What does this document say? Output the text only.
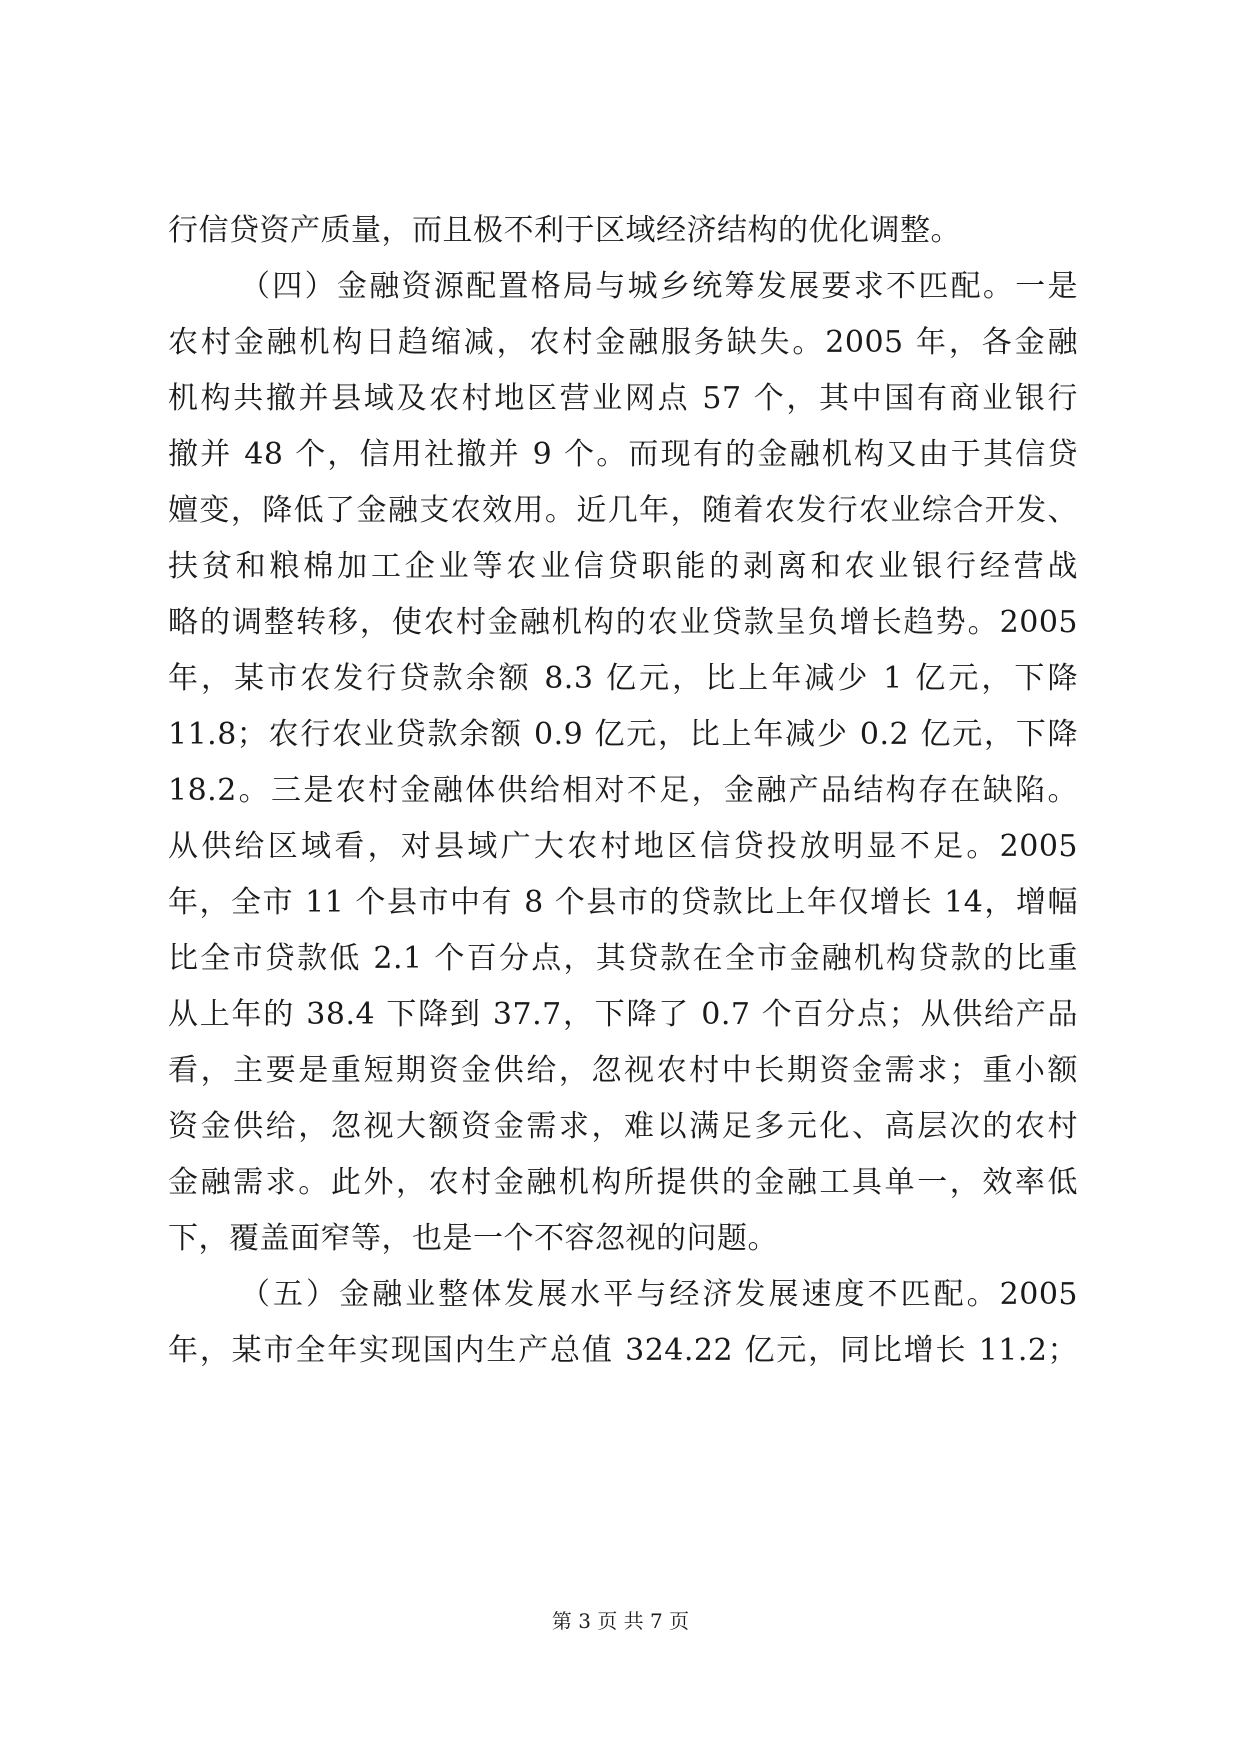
行信贷资产质量，而且极不利于区域经济结构的优化调整。
（四）金融资源配置格局与城乡统筹发展要求不匹配。一是
农村金融机构日趋缩减，农村金融服务缺失。2005 年，各金融
机构共撤并县域及农村地区营业网点 57 个，其中国有商业银行
撤并 48 个，信用社撤并 9 个。而现有的金融机构又由于其信贷
嬗变，降低了金融支农效用。近几年，随着农发行农业综合开发、
扶贫和粮棉加工企业等农业信贷职能的剥离和农业银行经营战
略的调整转移，使农村金融机构的农业贷款呈负增长趋势。2005
年，某市农发行贷款余额 8.3 亿元，比上年减少 1 亿元，下降
11.8；农行农业贷款余额 0.9 亿元，比上年减少 0.2 亿元，下降
18.2。三是农村金融体供给相对不足，金融产品结构存在缺陷。
从供给区域看，对县域广大农村地区信贷投放明显不足。2005
年，全市 11 个县市中有 8 个县市的贷款比上年仅增长 14，增幅
比全市贷款低 2.1 个百分点，其贷款在全市金融机构贷款的比重
从上年的 38.4 下降到 37.7，下降了 0.7 个百分点；从供给产品
看，主要是重短期资金供给，忽视农村中长期资金需求；重小额
资金供给，忽视大额资金需求，难以满足多元化、高层次的农村
金融需求。此外，农村金融机构所提供的金融工具单一，效率低
下，覆盖面窄等，也是一个不容忽视的问题。
（五）金融业整体发展水平与经济发展速度不匹配。2005
年，某市全年实现国内生产总值 324.22 亿元，同比增长 11.2；
第 3 页 共 7 页
